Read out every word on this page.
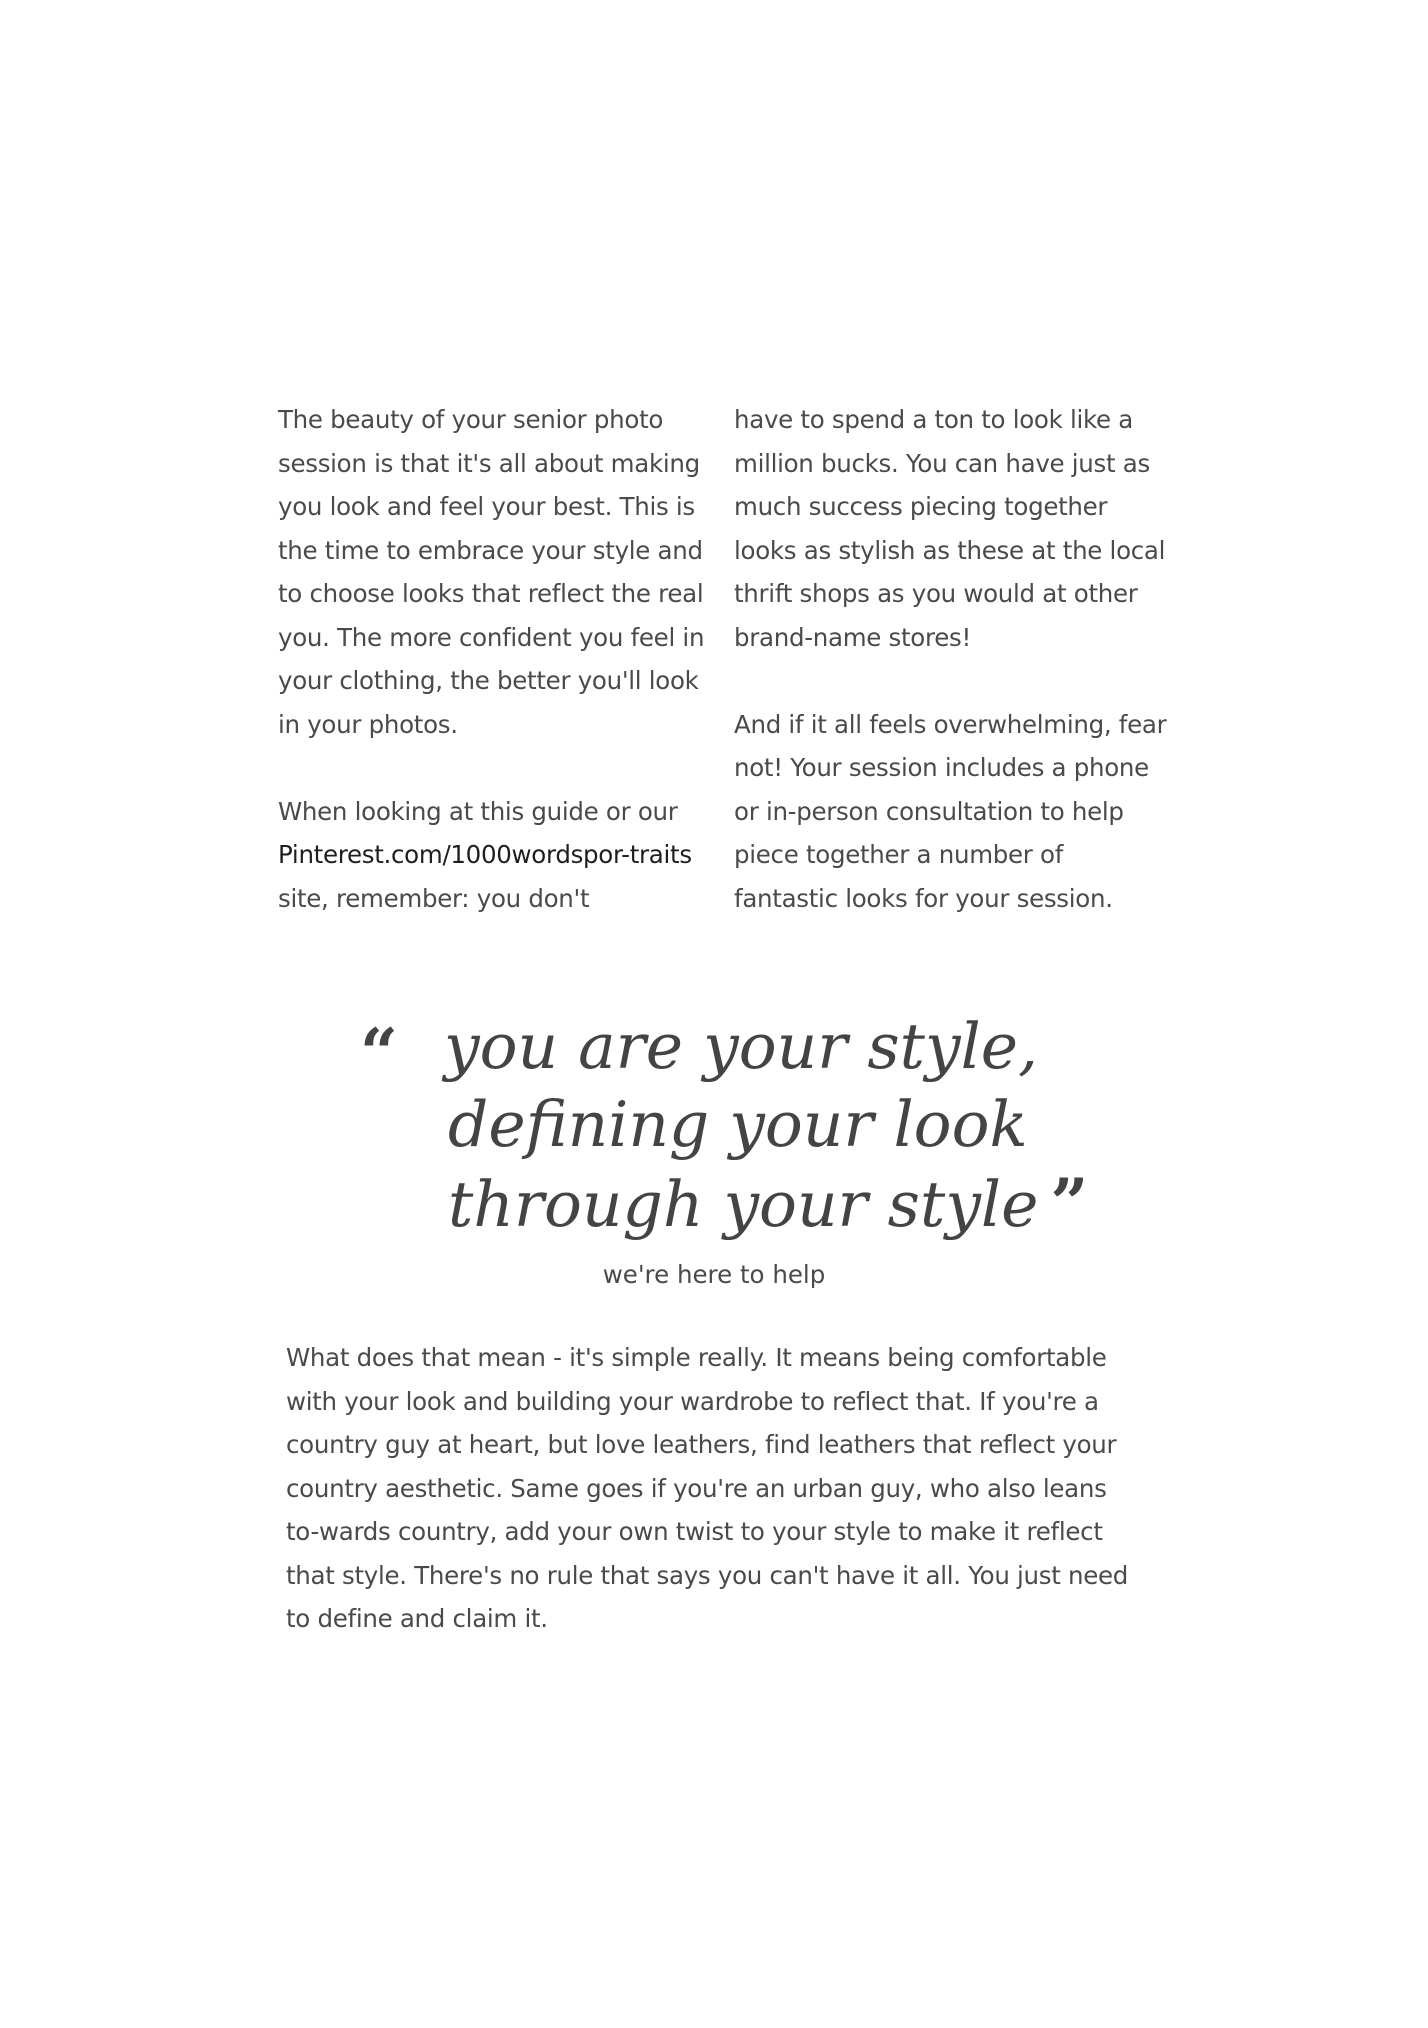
The beauty of your senior photo session is that it's all about making you look and feel your best. This is the time to embrace your style and to choose looks that reflect the real you. The more confident you feel in your clothing, the better you'll look in your photos.

When looking at this guide or our Pinterest.com/1000wordspor-traits site, remember: you don't

have to spend a ton to look like a million bucks. You can have just as much success piecing together looks as stylish as these at the local thrift shops as you would at other brand-name stores!

And if it all feels overwhelming, fear not! Your session includes a phone or in-person consultation to help piece together a number of fantastic looks for your session.

“ you are your style,
defining your look
through your style ”
we're here to help

What does that mean - it's simple really. It means being comfortable with your look and building your wardrobe to reflect that. If you're a country guy at heart, but love leathers, find leathers that reflect your country aesthetic. Same goes if you're an urban guy, who also leans to-wards country, add your own twist to your style to make it reflect that style. There's no rule that says you can't have it all. You just need to define and claim it.
